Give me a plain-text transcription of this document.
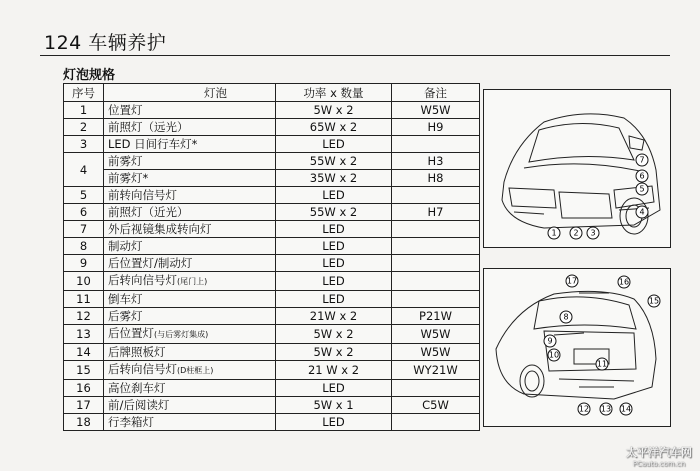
124 车辆养护
灯泡规格
序号	灯泡	功率 x 数量	备注
1	位置灯	5W x 2	W5W
2	前照灯（远光）	65W x 2	H9
3	LED 日间行车灯*	LED	
4	前雾灯	55W x 2	H3
	前雾灯*	35W x 2	H8
5	前转向信号灯	LED	
6	前照灯（近光）	55W x 2	H7
7	外后视镜集成转向灯	LED	
8	制动灯	LED	
9	后位置灯/制动灯	LED	
10	后转向信号灯(尾门上)	LED	
11	倒车灯	LED	
12	后雾灯	21W x 2	P21W
13	后位置灯(与后雾灯集成)	5W x 2	W5W
14	后牌照板灯	5W x 2	W5W
15	后转向信号灯(D柱框上)	21 W x 2	WY21W
16	高位刹车灯	LED	
17	前/后阅读灯	5W x 1	C5W
18	行李箱灯	LED	
1 2 3
4
5
6
7
17	16
15
8
9
10
11
12 13 14
太平洋汽车网
PCauto.com.cn
